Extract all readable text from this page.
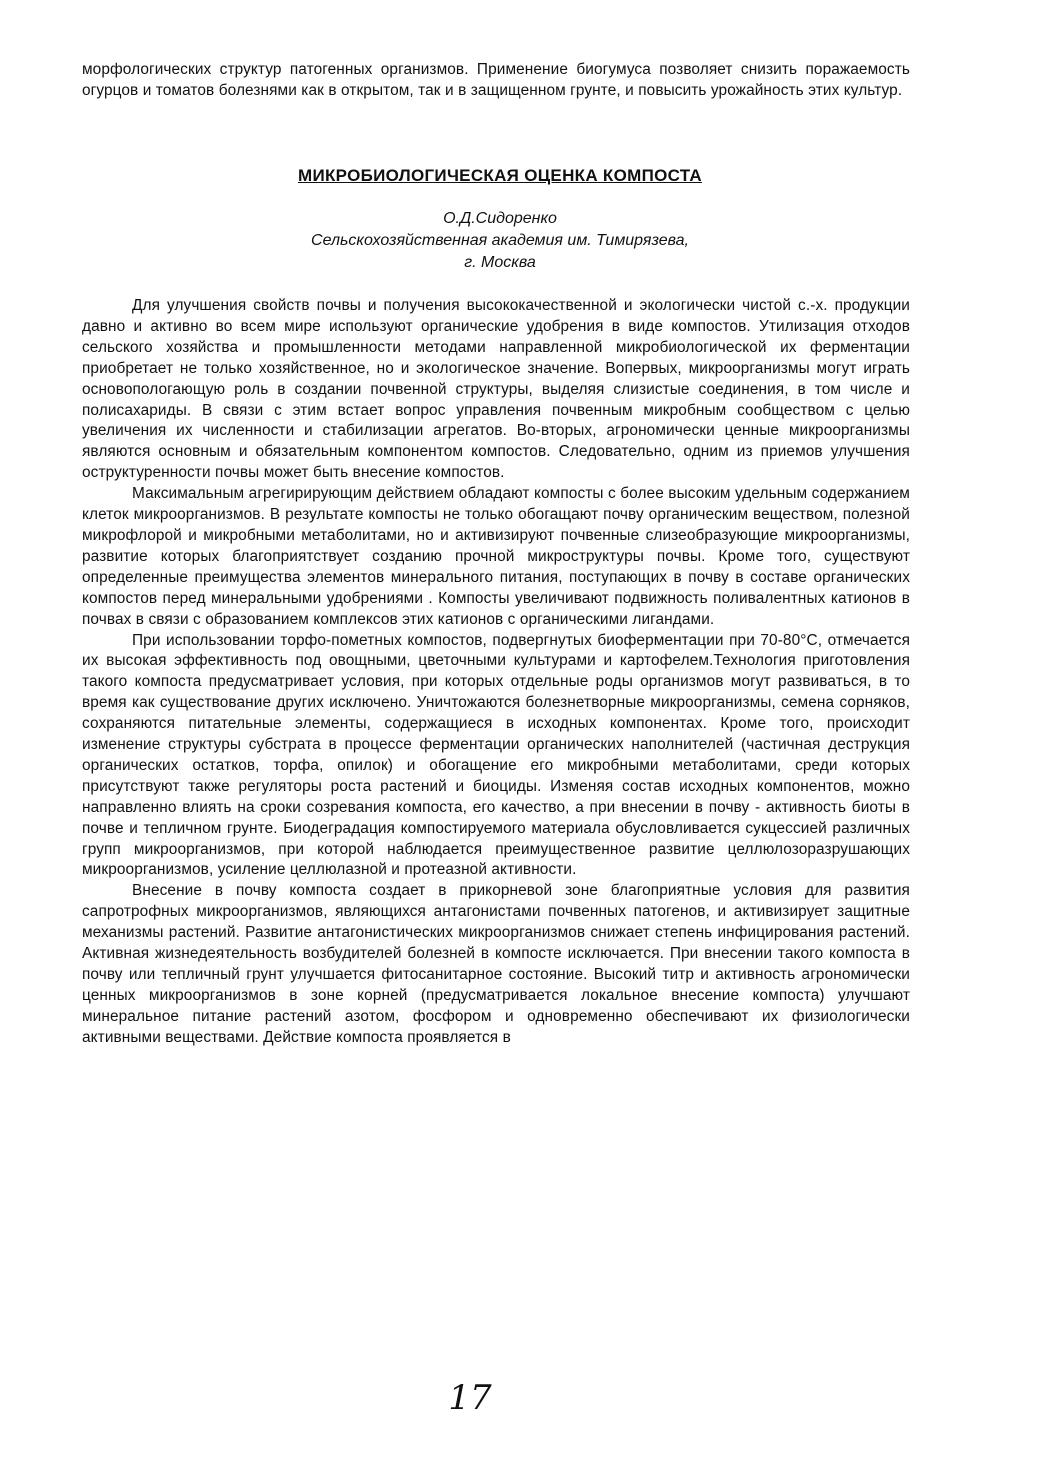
морфологических структур патогенных организмов. Применение биогумуса позволяет снизить поражаемость огурцов и томатов болезнями как в открытом, так и в защищенном грунте, и повысить урожайность этих культур.
МИКРОБИОЛОГИЧЕСКАЯ ОЦЕНКА КОМПОСТА
О.Д.Сидоренко
Сельскохозяйственная академия им. Тимирязева,
г. Москва

Для улучшения свойств почвы и получения высококачественной и экологически чистой с.-х. продукции давно и активно во всем мире используют органические удобрения в виде компостов. Утилизация отходов сельского хозяйства и промышленности методами направленной микробиологической их ферментации приобретает не только хозяйственное, но и экологическое значение. Вопервых, микроорганизмы могут играть основопологающую роль в создании почвенной структуры, выделяя слизистые соединения, в том числе и полисахариды. В связи с этим встает вопрос управления почвенным микробным сообществом с целью увеличения их численности и стабилизации агрегатов. Во-вторых, агрономически ценные микроорганизмы являются основным и обязательным компонентом компостов. Следовательно, одним из приемов улучшения оструктуренности почвы может быть внесение компостов.

Максимальным агрегирирующим действием обладают компосты с более высоким удельным содержанием клеток микроорганизмов. В результате компосты не только обогащают почву органическим веществом, полезной микрофлорой и микробными метаболитами, но и активизируют почвенные слизеобразующие микроорганизмы, развитие которых благоприятствует созданию прочной микроструктуры почвы. Кроме того, существуют определенные преимущества элементов минерального питания, поступающих в почву в составе органических компостов перед минеральными удобрениями . Компосты увеличивают подвижность поливалентных катионов в почвах в связи с образованием комплексов этих катионов с органическими лигандами.

При использовании торфо-пометных компостов, подвергнутых биоферментации при 70-80°С, отмечается их высокая эффективность под овощными, цветочными культурами и картофелем.Технология приготовления такого компоста предусматривает условия, при которых отдельные роды организмов могут развиваться, в то время как существование других исключено. Уничтожаются болезнетворные микроорганизмы, семена сорняков, сохраняются питательные элементы, содержащиеся в исходных компонентах. Кроме того, происходит изменение структуры субстрата в процессе ферментации органических наполнителей (частичная деструкция органических остатков, торфа, опилок) и обогащение его микробными метаболитами, среди которых присутствуют также регуляторы роста растений и биоциды. Изменяя состав исходных компонентов, можно направленно влиять на сроки созревания компоста, его качество, а при внесении в почву - активность биоты в почве и тепличном грунте. Биодеградация компостируемого материала обусловливается сукцессией различных групп микроорганизмов, при которой наблюдается преимущественное развитие целлюлозоразрушающих микроорганизмов, усиление целлюлазной и протеазной активности.

Внесение в почву компоста создает в прикорневой зоне благоприятные условия для развития сапротрофных микроорганизмов, являющихся антагонистами почвенных патогенов, и активизирует защитные механизмы растений. Развитие антагонистических микроорганизмов снижает степень инфицирования растений. Активная жизнедеятельность возбудителей болезней в компосте исключается. При внесении такого компоста в почву или тепличный грунт улучшается фитосанитарное состояние. Высокий титр и активность агрономически ценных микроорганизмов в зоне корней (предусматривается локальное внесение компоста) улучшают минеральное питание растений азотом, фосфором и одновременно обеспечивают их физиологически активными веществами. Действие компоста проявляется в

17
